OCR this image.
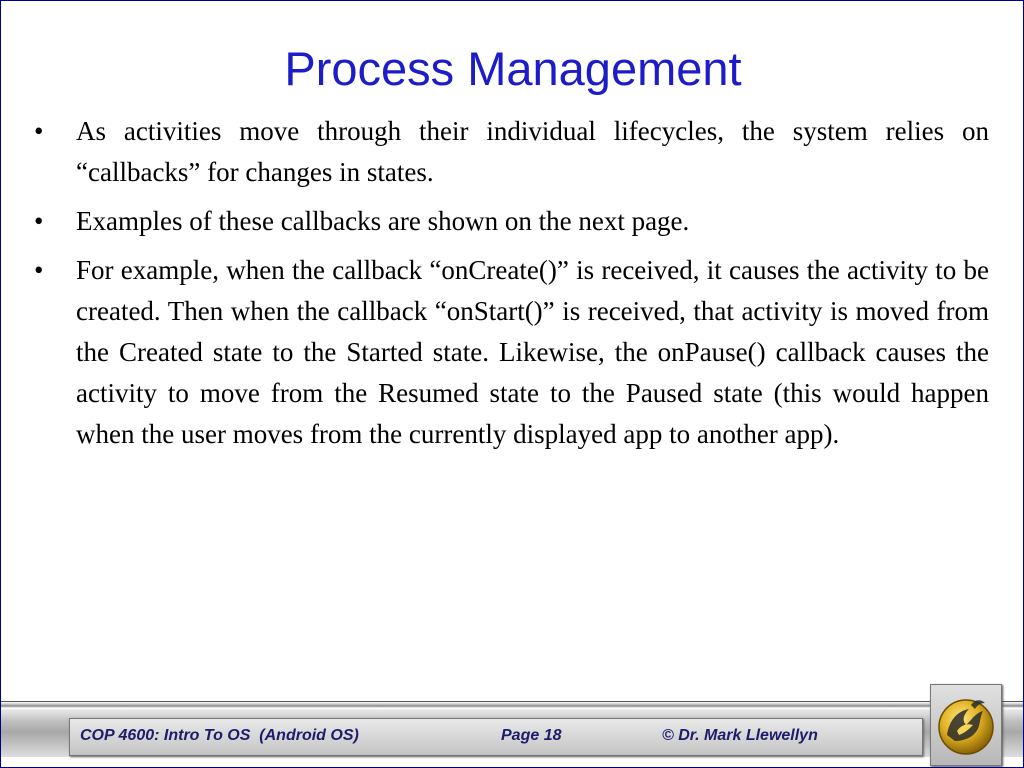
Process Management
• As activities move through their individual lifecycles, the system relies on “callbacks” for changes in states.
• Examples of these callbacks are shown on the next page.
• For example, when the callback “onCreate()” is received, it causes the activity to be created. Then when the callback “onStart()” is received, that activity is moved from the Created state to the Started state. Likewise, the onPause() callback causes the activity to move from the Resumed state to the Paused state (this would happen when the user moves from the currently displayed app to another app).
COP 4600: Intro To OS  (Android OS)	Page 18	© Dr. Mark Llewellyn
